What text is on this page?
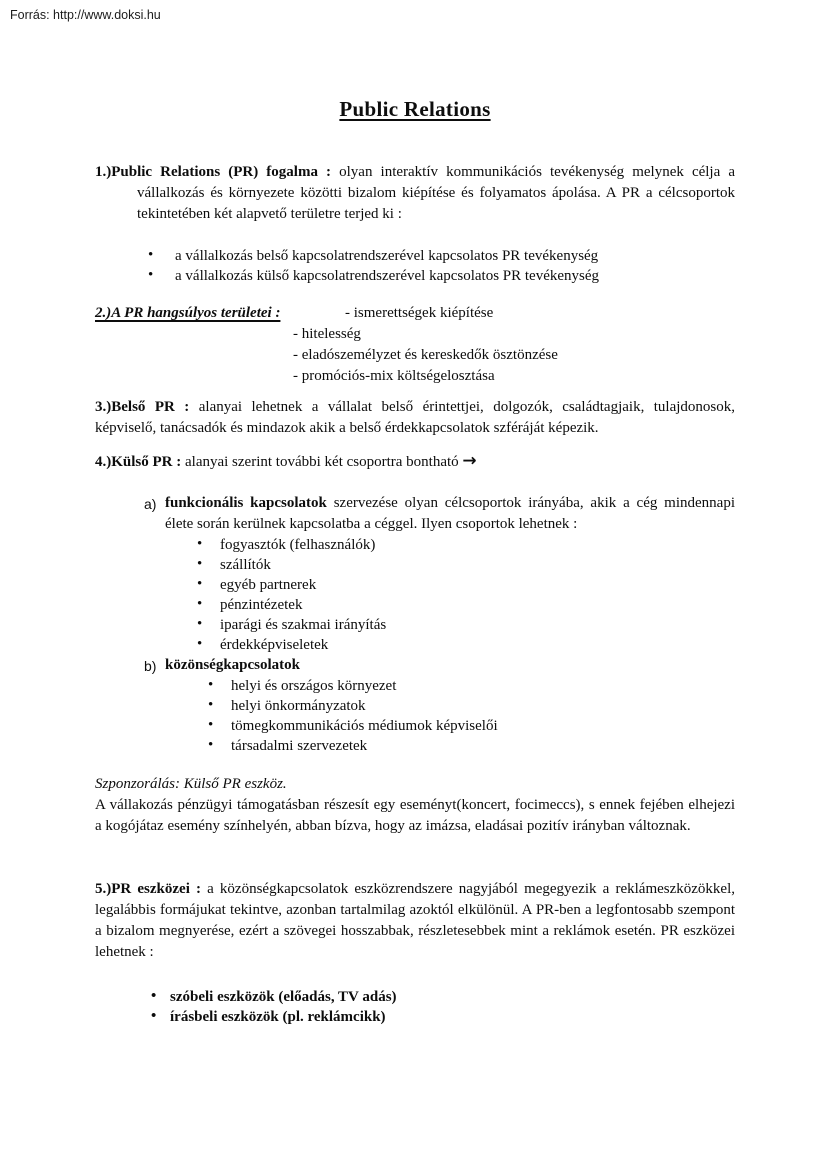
Forrás: http://www.doksi.hu
Public Relations

1.)Public Relations (PR) fogalma : olyan interaktív kommunikációs tevékenység melynek célja a vállalkozás és környezete közötti bizalom kiépítése és folyamatos ápolása. A PR a célcsoportok tekintetében két alapvető területre terjed ki :

• a vállalkozás belső kapcsolatrendszerével kapcsolatos PR tevékenység
• a vállalkozás külső kapcsolatrendszerével kapcsolatos PR tevékenység
2.)A PR hangsúlyos területei :	- ismerettségek kiépítése
- hitelesség
- eladószemélyzet és kereskedők ösztönzése
- promóciós-mix költségelosztása

3.)Belső PR : alanyai lehetnek a vállalat belső érintettjei, dolgozók, családtagjaik, tulajdonosok, képviselő, tanácsadók és mindazok akik a belső érdekkapcsolatok szféráját képezik.

4.)Külső PR : alanyai szerint további két csoportra bontható →

a) funkcionális kapcsolatok szervezése olyan célcsoportok irányába, akik a cég mindennapi élete során kerülnek kapcsolatba a céggel. Ilyen csoportok lehetnek :
• fogyasztók (felhasználók)
• szállítók
• egyéb partnerek
• pénzintézetek
• iparági és szakmai irányítás
• érdekképviseletek
b) közönségkapcsolatok
• helyi és országos környezet
• helyi önkormányzatok
• tömegkommunikációs médiumok képviselői
• társadalmi szervezetek

Szponzorálás: Külső PR eszköz.

A vállakozás pénzügyi támogatásban részesít egy eseményt(koncert, focimeccs), s ennek fejében elhejezi a kogójátaz esemény színhelyén, abban bízva, hogy az imázsa, eladásai pozitív irányban változnak.

5.)PR eszközei : a közönségkapcsolatok eszközrendszere nagyjából megegyezik a reklámeszközökkel, legalábbis formájukat tekintve, azonban tartalmilag azoktól elkülönül. A PR-ben a legfontosabb szempont a bizalom megnyerése, ezért a szövegei hosszabbak, részletesebbek mint a reklámok esetén. PR eszközei lehetnek :

• szóbeli eszközök (előadás, TV adás)
• írásbeli eszközök (pl. reklámcikk)
